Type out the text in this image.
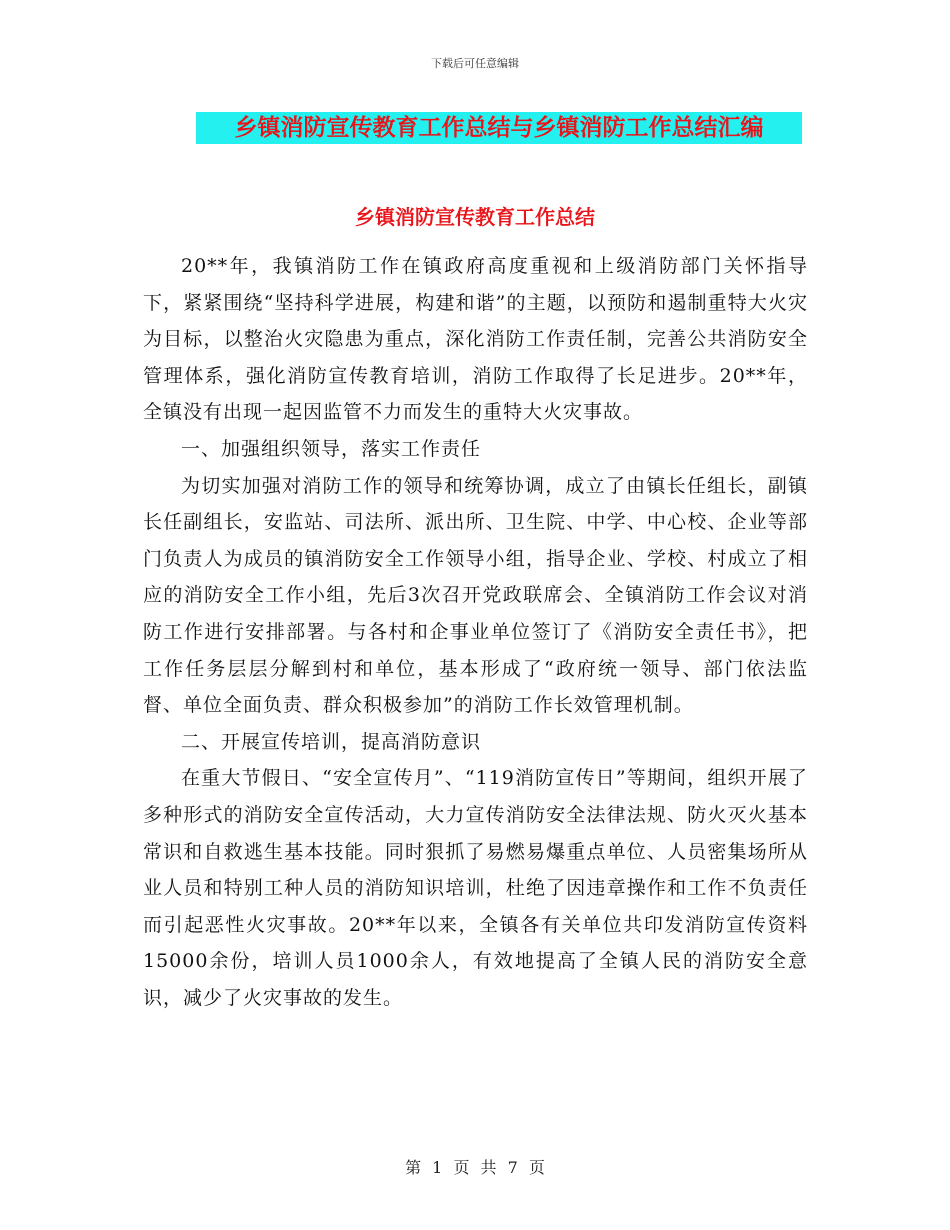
下载后可任意编辑
乡镇消防宣传教育工作总结与乡镇消防工作总结汇编
乡镇消防宣传教育工作总结

20**年，我镇消防工作在镇政府高度重视和上级消防部门关怀指导下，紧紧围绕“坚持科学进展，构建和谐”的主题，以预防和遏制重特大火灾为目标，以整治火灾隐患为重点，深化消防工作责任制，完善公共消防安全管理体系，强化消防宣传教育培训，消防工作取得了长足进步。20**年，全镇没有出现一起因监管不力而发生的重特大火灾事故。

一、加强组织领导，落实工作责任

为切实加强对消防工作的领导和统筹协调，成立了由镇长任组长，副镇长任副组长，安监站、司法所、派出所、卫生院、中学、中心校、企业等部门负责人为成员的镇消防安全工作领导小组，指导企业、学校、村成立了相应的消防安全工作小组，先后3次召开党政联席会、全镇消防工作会议对消防工作进行安排部署。与各村和企事业单位签订了《消防安全责任书》，把工作任务层层分解到村和单位，基本形成了“政府统一领导、部门依法监督、单位全面负责、群众积极参加”的消防工作长效管理机制。

二、开展宣传培训，提高消防意识

在重大节假日、“安全宣传月”、“119消防宣传日”等期间，组织开展了多种形式的消防安全宣传活动，大力宣传消防安全法律法规、防火灭火基本常识和自救逃生基本技能。同时狠抓了易燃易爆重点单位、人员密集场所从业人员和特别工种人员的消防知识培训，杜绝了因违章操作和工作不负责任而引起恶性火灾事故。20**年以来，全镇各有关单位共印发消防宣传资料15000余份，培训人员1000余人，有效地提高了全镇人民的消防安全意识，减少了火灾事故的发生。

第 1 页 共 7 页
